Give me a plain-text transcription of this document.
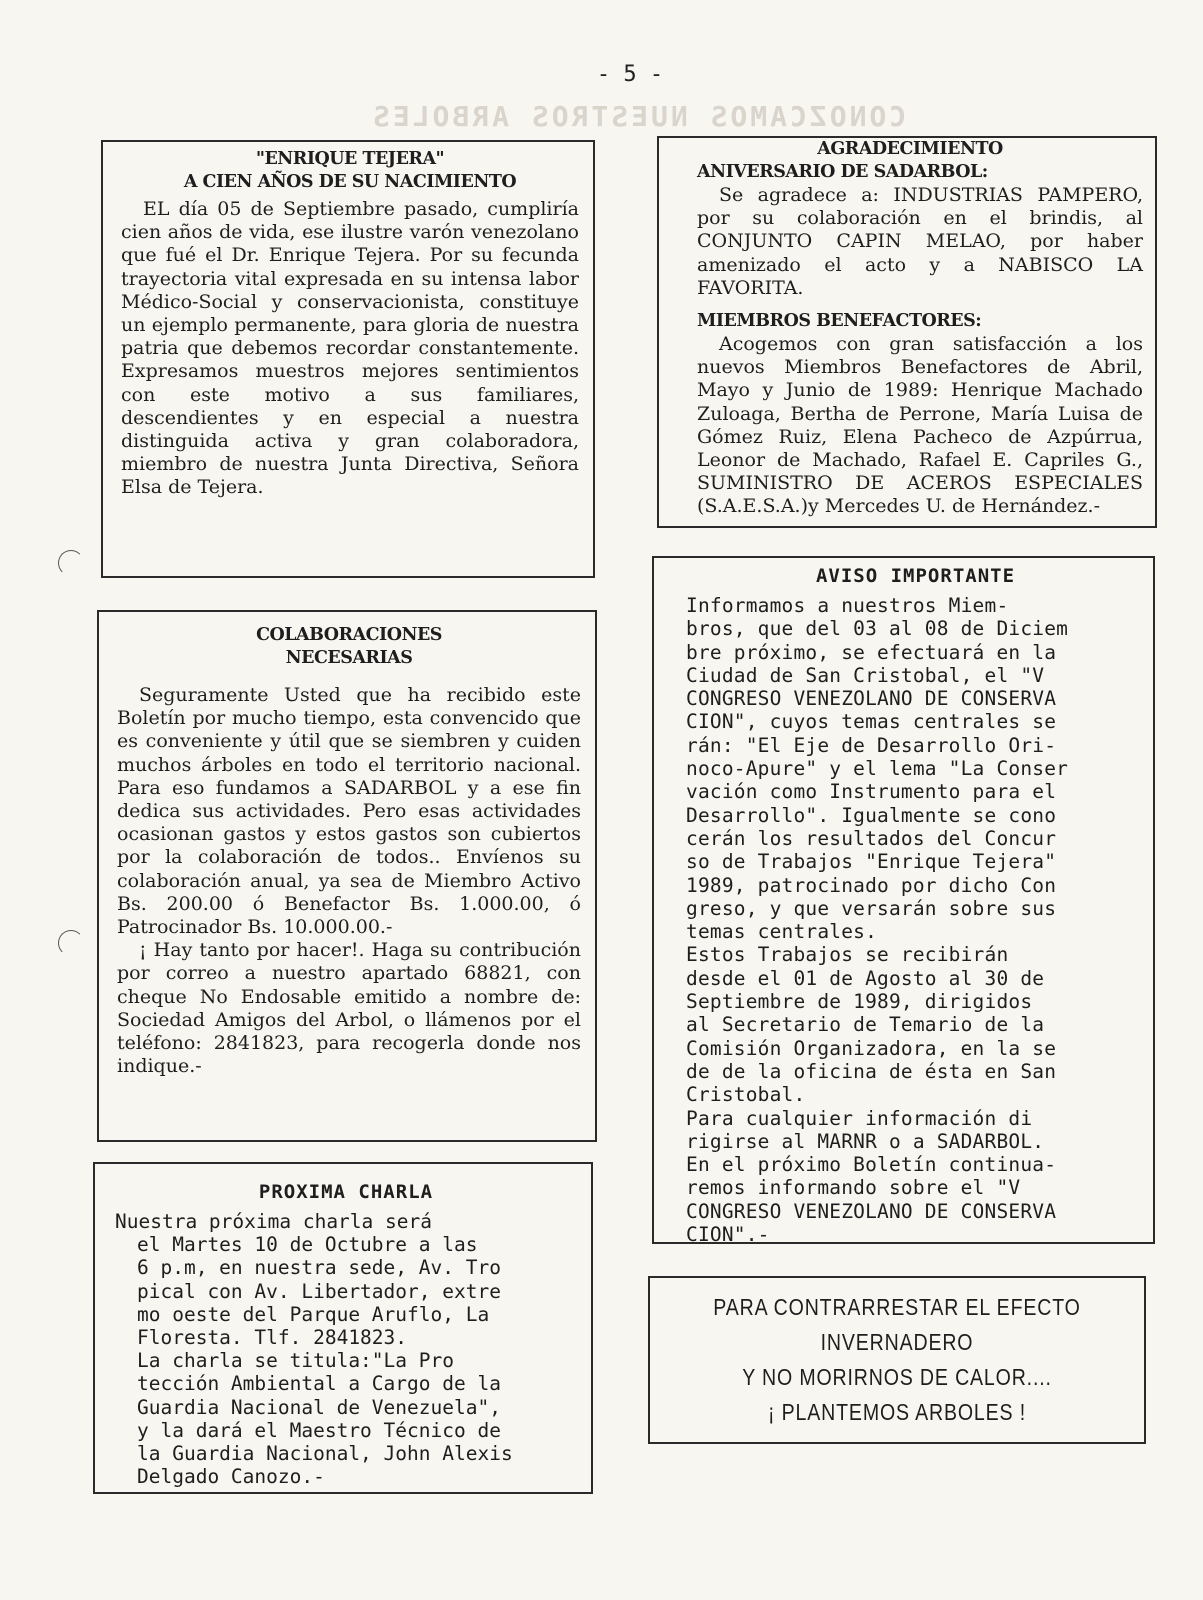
- 5 -
CONOZCAMOS NUESTROS ARBOLES
"ENRIQUE TEJERA"
A CIEN AÑOS DE SU NACIMIENTO

EL día 05 de Septiembre pasado, cumpliría cien años de vida, ese ilustre varón venezolano que fué el Dr. Enrique Tejera. Por su fecunda trayectoria vital expresada en su intensa labor Médico-Social y conservacionista, constituye un ejemplo permanente, para gloria de nuestra patria que debemos recordar constantemente. Expresamos muestros mejores sentimientos con este motivo a sus familiares, descendientes y en especial a nuestra distinguida activa y gran colaboradora, miembro de nuestra Junta Directiva, Señora Elsa de Tejera.

COLABORACIONES
NECESARIAS

Seguramente Usted que ha recibido este Boletín por mucho tiempo, esta convencido que es conveniente y útil que se siembren y cuiden muchos árboles en todo el territorio nacional. Para eso fundamos a SADARBOL y a ese fin dedica sus actividades. Pero esas actividades ocasionan gastos y estos gastos son cubiertos por la colaboración de todos.. Envíenos su colaboración anual, ya sea de Miembro Activo Bs. 200.00 ó Benefactor Bs. 1.000.00, ó Patrocinador Bs. 10.000.00.-

¡ Hay tanto por hacer!. Haga su contribución por correo a nuestro apartado 68821, con cheque No Endosable emitido a nombre de: Sociedad Amigos del Arbol, o llámenos por el teléfono: 2841823, para recogerla donde nos indique.-

PROXIMA CHARLA

Nuestra próxima charla será
el Martes 10 de Octubre a las
6 p.m, en nuestra sede, Av. Tro
pical con Av. Libertador, extre
mo oeste del Parque Aruflo, La
Floresta. Tlf. 2841823.
La charla se titula:"La Pro
tección Ambiental a Cargo de la
Guardia Nacional de Venezuela",
y la dará el Maestro Técnico de
la Guardia Nacional, John Alexis
Delgado Canozo.-

AGRADECIMIENTO
ANIVERSARIO DE SADARBOL:

Se agradece a: INDUSTRIAS PAMPERO, por su colaboración en el brindis, al CONJUNTO CAPIN MELAO, por haber amenizado el acto y a NABISCO LA FAVORITA.

MIEMBROS BENEFACTORES:

Acogemos con gran satisfacción a los nuevos Miembros Benefactores de Abril, Mayo y Junio de 1989: Henrique Machado Zuloaga, Bertha de Perrone, María Luisa de Gómez Ruiz, Elena Pacheco de Azpúrrua, Leonor de Machado, Rafael E. Capriles G., SUMINISTRO DE ACEROS ESPECIALES (S.A.E.S.A.)y Mercedes U. de Hernández.-

AVISO IMPORTANTE

Informamos a nuestros Miem-
bros, que del 03 al 08 de Diciem
bre próximo, se efectuará en la
Ciudad de San Cristobal, el "V
CONGRESO VENEZOLANO DE CONSERVA
CION", cuyos temas centrales se
rán: "El Eje de Desarrollo Ori-
noco-Apure" y el lema "La Conser
vación como Instrumento para el
Desarrollo". Igualmente se cono
cerán los resultados del Concur
so de Trabajos "Enrique Tejera"
1989, patrocinado por dicho Con
greso, y que versarán sobre sus
temas centrales.
Estos Trabajos se recibirán
desde el 01 de Agosto al 30 de
Septiembre de 1989, dirigidos
al Secretario de Temario de la
Comisión Organizadora, en la se
de de la oficina de ésta en San
Cristobal.
Para cualquier información di
rigirse al MARNR o a SADARBOL.
En el próximo Boletín continua-
remos informando sobre el "V
CONGRESO VENEZOLANO DE CONSERVA
CION".-

PARA CONTRARRESTAR EL EFECTO
INVERNADERO
Y NO MORIRNOS DE CALOR....
¡ PLANTEMOS ARBOLES !
